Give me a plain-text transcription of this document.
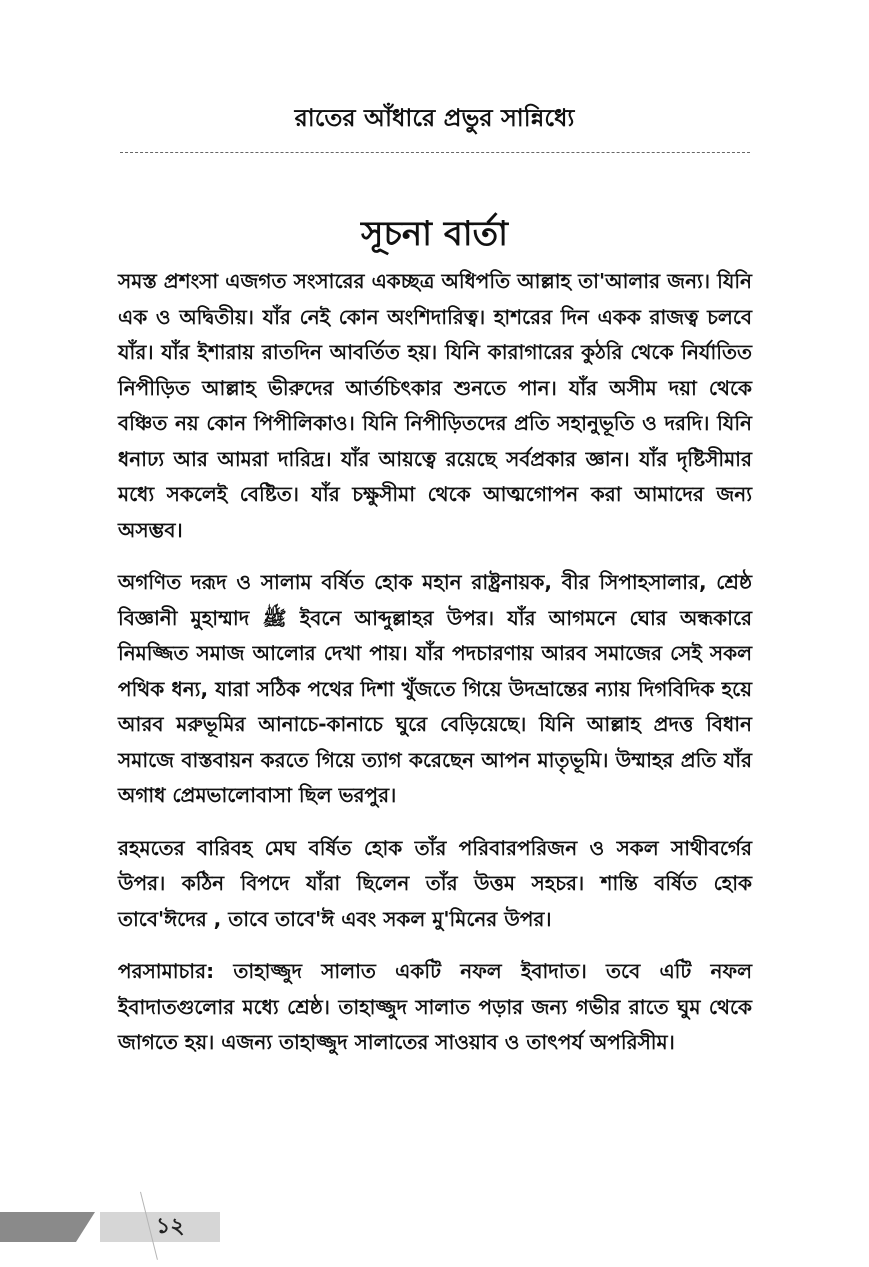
রাতের আঁধারে প্রভুর সান্নিধ্যে
সূচনা বার্তা

সমস্ত প্রশংসা এজগত সংসারের একচ্ছত্র অধিপতি আল্লাহ তা'আলার জন্য। যিনি এক ও অদ্বিতীয়। যাঁর নেই কোন অংশিদারিত্ব। হাশরের দিন একক রাজত্ব চলবে যাঁর। যাঁর ইশারায় রাতদিন আবর্তিত হয়। যিনি কারাগারের কুঠরি থেকে নির্যাতিত নিপীড়িত আল্লাহ ভীরুদের আর্তচিৎকার শুনতে পান। যাঁর অসীম দয়া থেকে বঞ্চিত নয় কোন পিপীলিকাও। যিনি নিপীড়িতদের প্রতি সহানুভূতি ও দরদি। যিনি ধনাঢ্য আর আমরা দারিদ্র। যাঁর আয়ত্বে রয়েছে সর্বপ্রকার জ্ঞান। যাঁর দৃষ্টিসীমার মধ্যে সকলেই বেষ্টিত। যাঁর চক্ষুসীমা থেকে আত্মগোপন করা আমাদের জন্য অসম্ভব।

অগণিত দরূদ ও সালাম বর্ষিত হোক মহান রাষ্ট্রনায়ক, বীর সিপাহসালার, শ্রেষ্ঠ বিজ্ঞানী মুহাম্মাদ ﷺ ইবনে আব্দুল্লাহর উপর। যাঁর আগমনে ঘোর অন্ধকারে নিমজ্জিত সমাজ আলোর দেখা পায়। যাঁর পদচারণায় আরব সমাজের সেই সকল পথিক ধন্য, যারা সঠিক পথের দিশা খুঁজতে গিয়ে উদভ্রান্তের ন্যায় দিগবিদিক হয়ে আরব মরুভূমির আনাচে-কানাচে ঘুরে বেড়িয়েছে। যিনি আল্লাহ প্রদত্ত বিধান সমাজে বাস্তবায়ন করতে গিয়ে ত্যাগ করেছেন আপন মাতৃভূমি। উম্মাহর প্রতি যাঁর অগাধ প্রেমভালোবাসা ছিল ভরপুর।

রহমতের বারিবহ মেঘ বর্ষিত হোক তাঁর পরিবারপরিজন ও সকল সাথীবর্গের উপর। কঠিন বিপদে যাঁরা ছিলেন তাঁর উত্তম সহচর। শান্তি বর্ষিত হোক তাবে'ঈদের , তাবে তাবে'ঈ এবং সকল মু'মিনের উপর।

পরসামাচার: তাহাজ্জুদ সালাত একটি নফল ইবাদাত। তবে এটি নফল ইবাদাতগুলোর মধ্যে শ্রেষ্ঠ। তাহাজ্জুদ সালাত পড়ার জন্য গভীর রাতে ঘুম থেকে জাগতে হয়। এজন্য তাহাজ্জুদ সালাতের সাওয়াব ও তাৎপর্য অপরিসীম।

১২
